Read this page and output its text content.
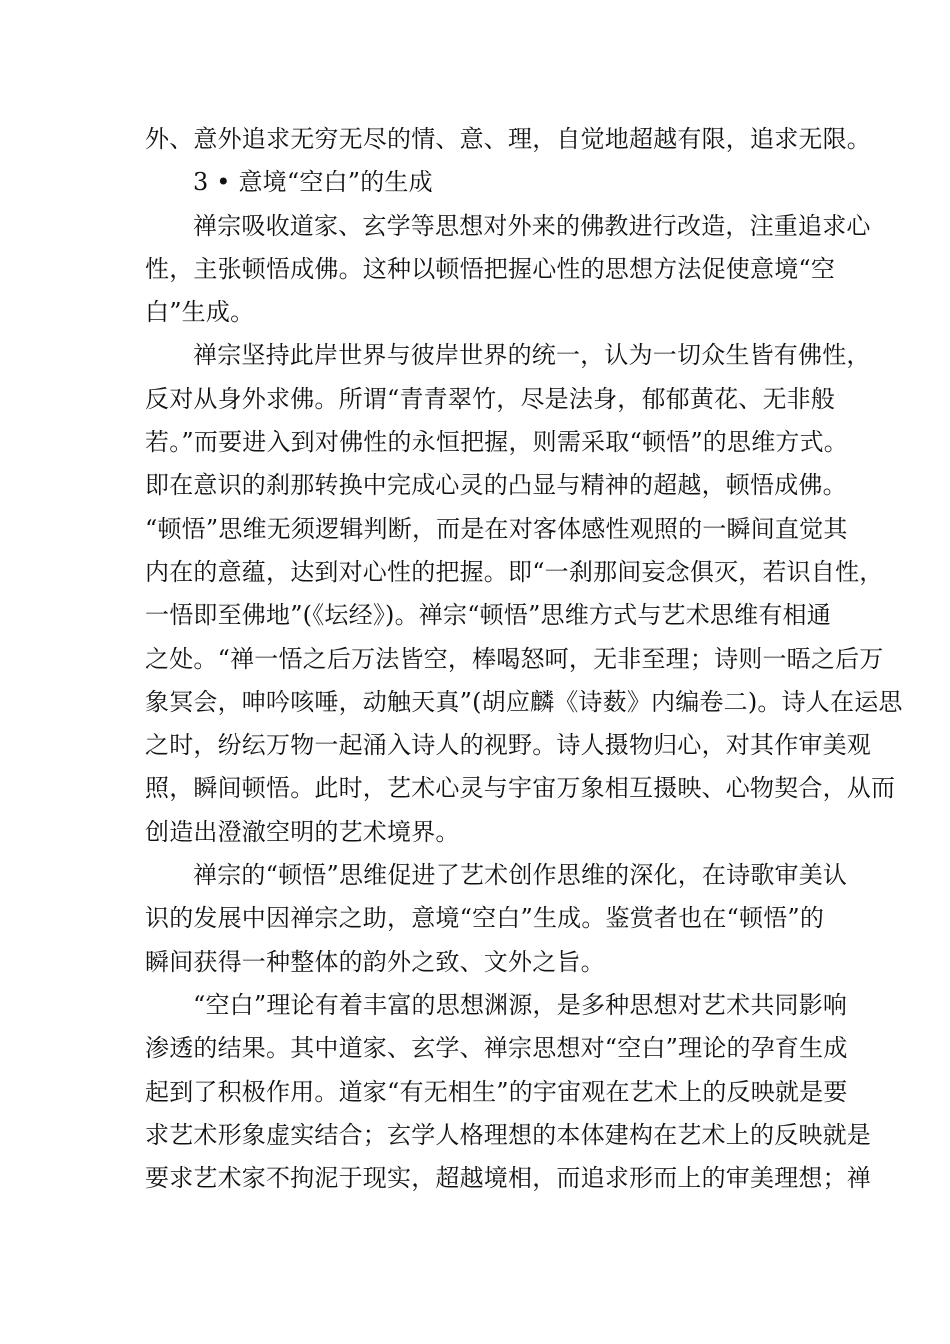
外、意外追求无穷无尽的情、意、理，自觉地超越有限，追求无限。
3 • 意境“空白”的生成
禅宗吸收道家、玄学等思想对外来的佛教进行改造，注重追求心
性，主张顿悟成佛。这种以顿悟把握心性的思想方法促使意境“空
白”生成。
禅宗坚持此岸世界与彼岸世界的统一，认为一切众生皆有佛性，
反对从身外求佛。所谓“青青翠竹，尽是法身，郁郁黄花、无非般
若。”而要进入到对佛性的永恒把握，则需采取“顿悟”的思维方式。
即在意识的刹那转换中完成心灵的凸显与精神的超越，顿悟成佛。
“顿悟”思维无须逻辑判断，而是在对客体感性观照的一瞬间直觉其
内在的意蕴，达到对心性的把握。即“一刹那间妄念俱灭，若识自性，
一悟即至佛地”(《坛经》)。禅宗“顿悟”思维方式与艺术思维有相通
之处。“禅一悟之后万法皆空，棒喝怒呵，无非至理；诗则一晤之后万
象冥会，呻吟咳唾，动触天真”(胡应麟《诗薮》内编卷二)。诗人在运思
之时，纷纭万物一起涌入诗人的视野。诗人摄物归心，对其作审美观
照，瞬间顿悟。此时，艺术心灵与宇宙万象相互摄映、心物契合，从而
创造出澄澈空明的艺术境界。
禅宗的“顿悟”思维促进了艺术创作思维的深化，在诗歌审美认
识的发展中因禅宗之助，意境“空白”生成。鉴赏者也在“顿悟”的
瞬间获得一种整体的韵外之致、文外之旨。
“空白”理论有着丰富的思想渊源，是多种思想对艺术共同影响
渗透的结果。其中道家、玄学、禅宗思想对“空白”理论的孕育生成
起到了积极作用。道家“有无相生”的宇宙观在艺术上的反映就是要
求艺术形象虚实结合；玄学人格理想的本体建构在艺术上的反映就是
要求艺术家不拘泥于现实，超越境相，而追求形而上的审美理想；禅
